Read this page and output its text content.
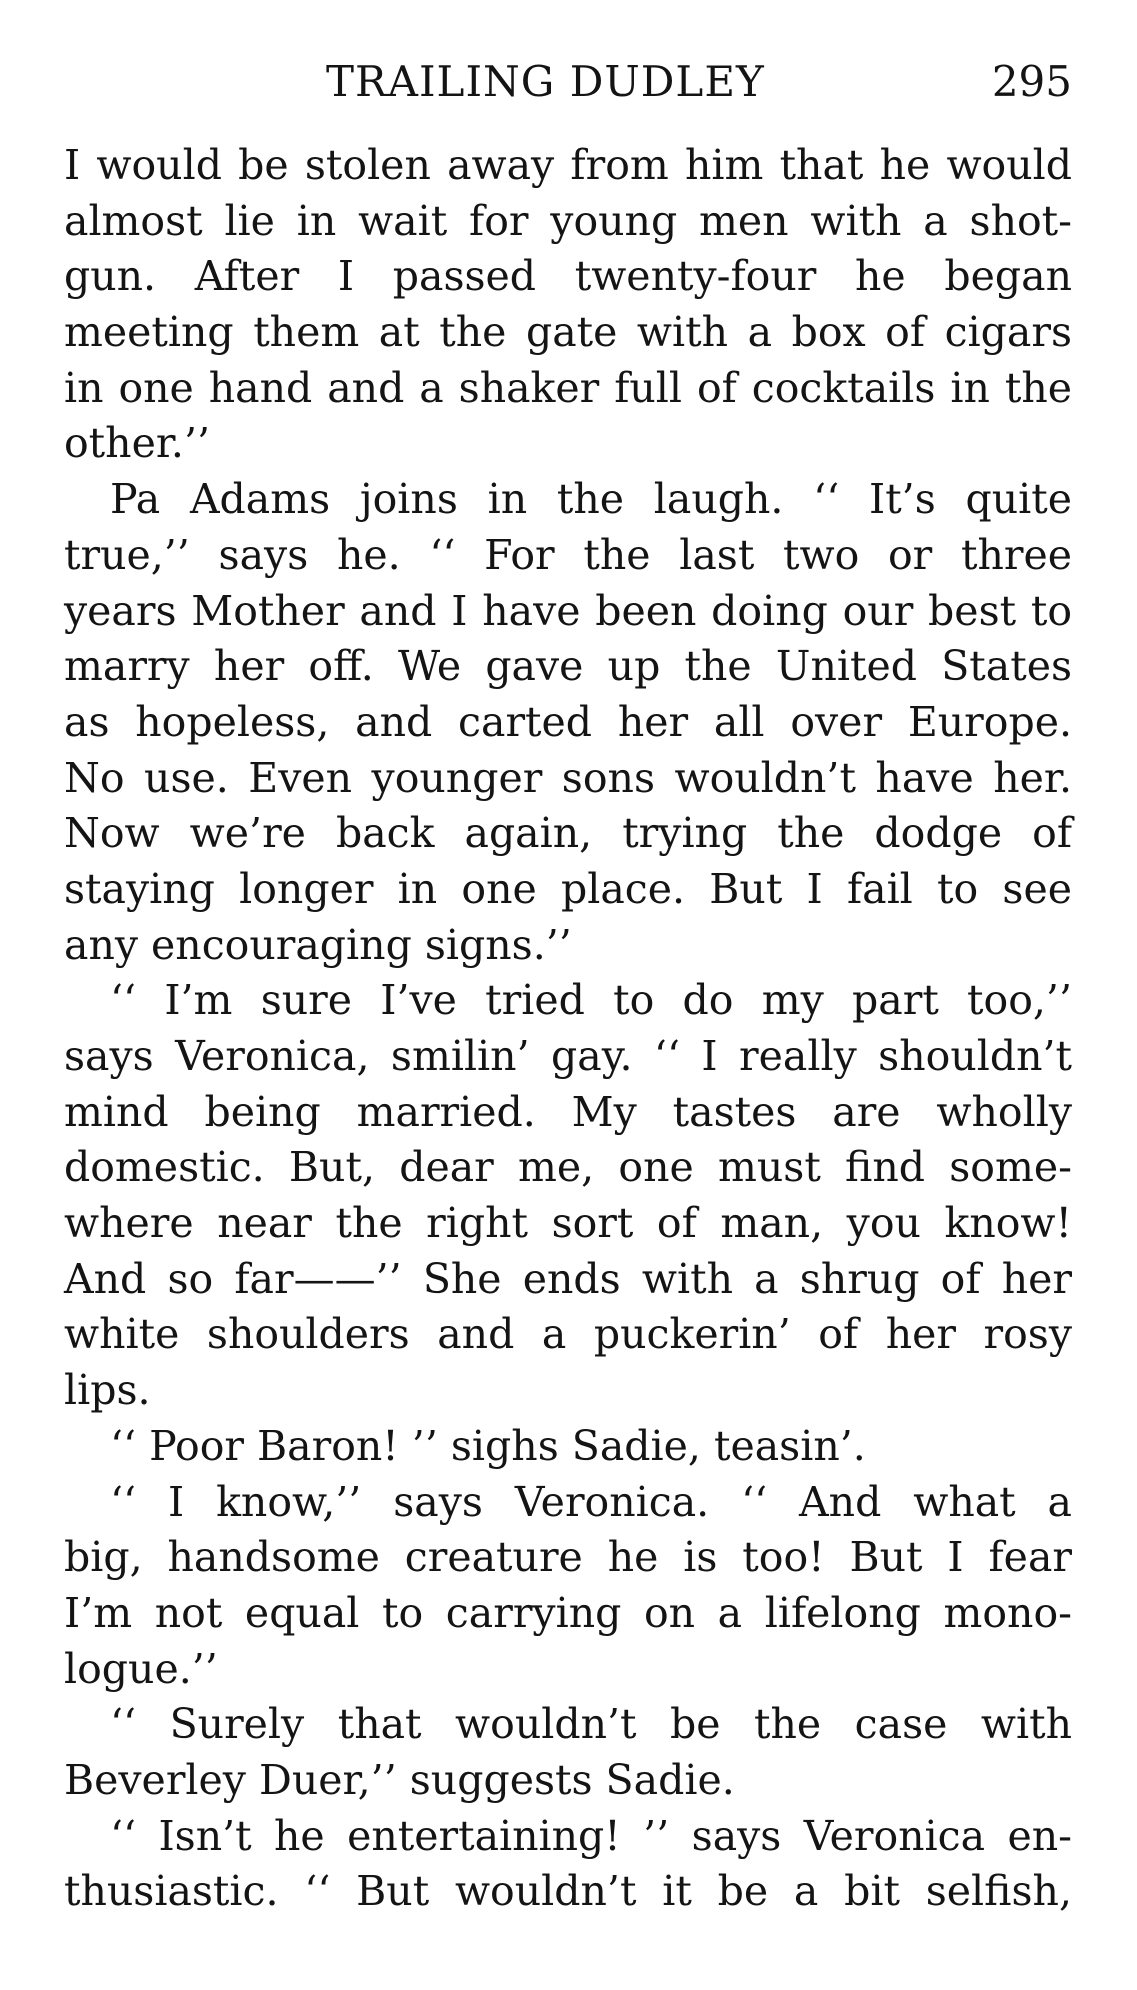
TRAILING DUDLEY	295
I would be stolen away from him that he would
almost lie in wait for young men with a shot-
gun. After I passed twenty-four he began
meeting them at the gate with a box of cigars
in one hand and a shaker full of cocktails in the
other.’’
Pa Adams joins in the laugh. ‘‘ It’s quite
true,’’ says he. ‘‘ For the last two or three
years Mother and I have been doing our best to
marry her off. We gave up the United States
as hopeless, and carted her all over Europe.
No use. Even younger sons wouldn’t have her.
Now we’re back again, trying the dodge of
staying longer in one place. But I fail to see
any encouraging signs.’’
‘‘ I’m sure I’ve tried to do my part too,’’
says Veronica, smilin’ gay. ‘‘ I really shouldn’t
mind being married. My tastes are wholly
domestic. But, dear me, one must find some-
where near the right sort of man, you know!
And so far——’’ She ends with a shrug of her
white shoulders and a puckerin’ of her rosy
lips.
‘‘ Poor Baron! ’’ sighs Sadie, teasin’.
‘‘ I know,’’ says Veronica. ‘‘ And what a
big, handsome creature he is too! But I fear
I’m not equal to carrying on a lifelong mono-
logue.’’
‘‘ Surely that wouldn’t be the case with
Beverley Duer,’’ suggests Sadie.
‘‘ Isn’t he entertaining! ’’ says Veronica en-
thusiastic. ‘‘ But wouldn’t it be a bit selfish,
